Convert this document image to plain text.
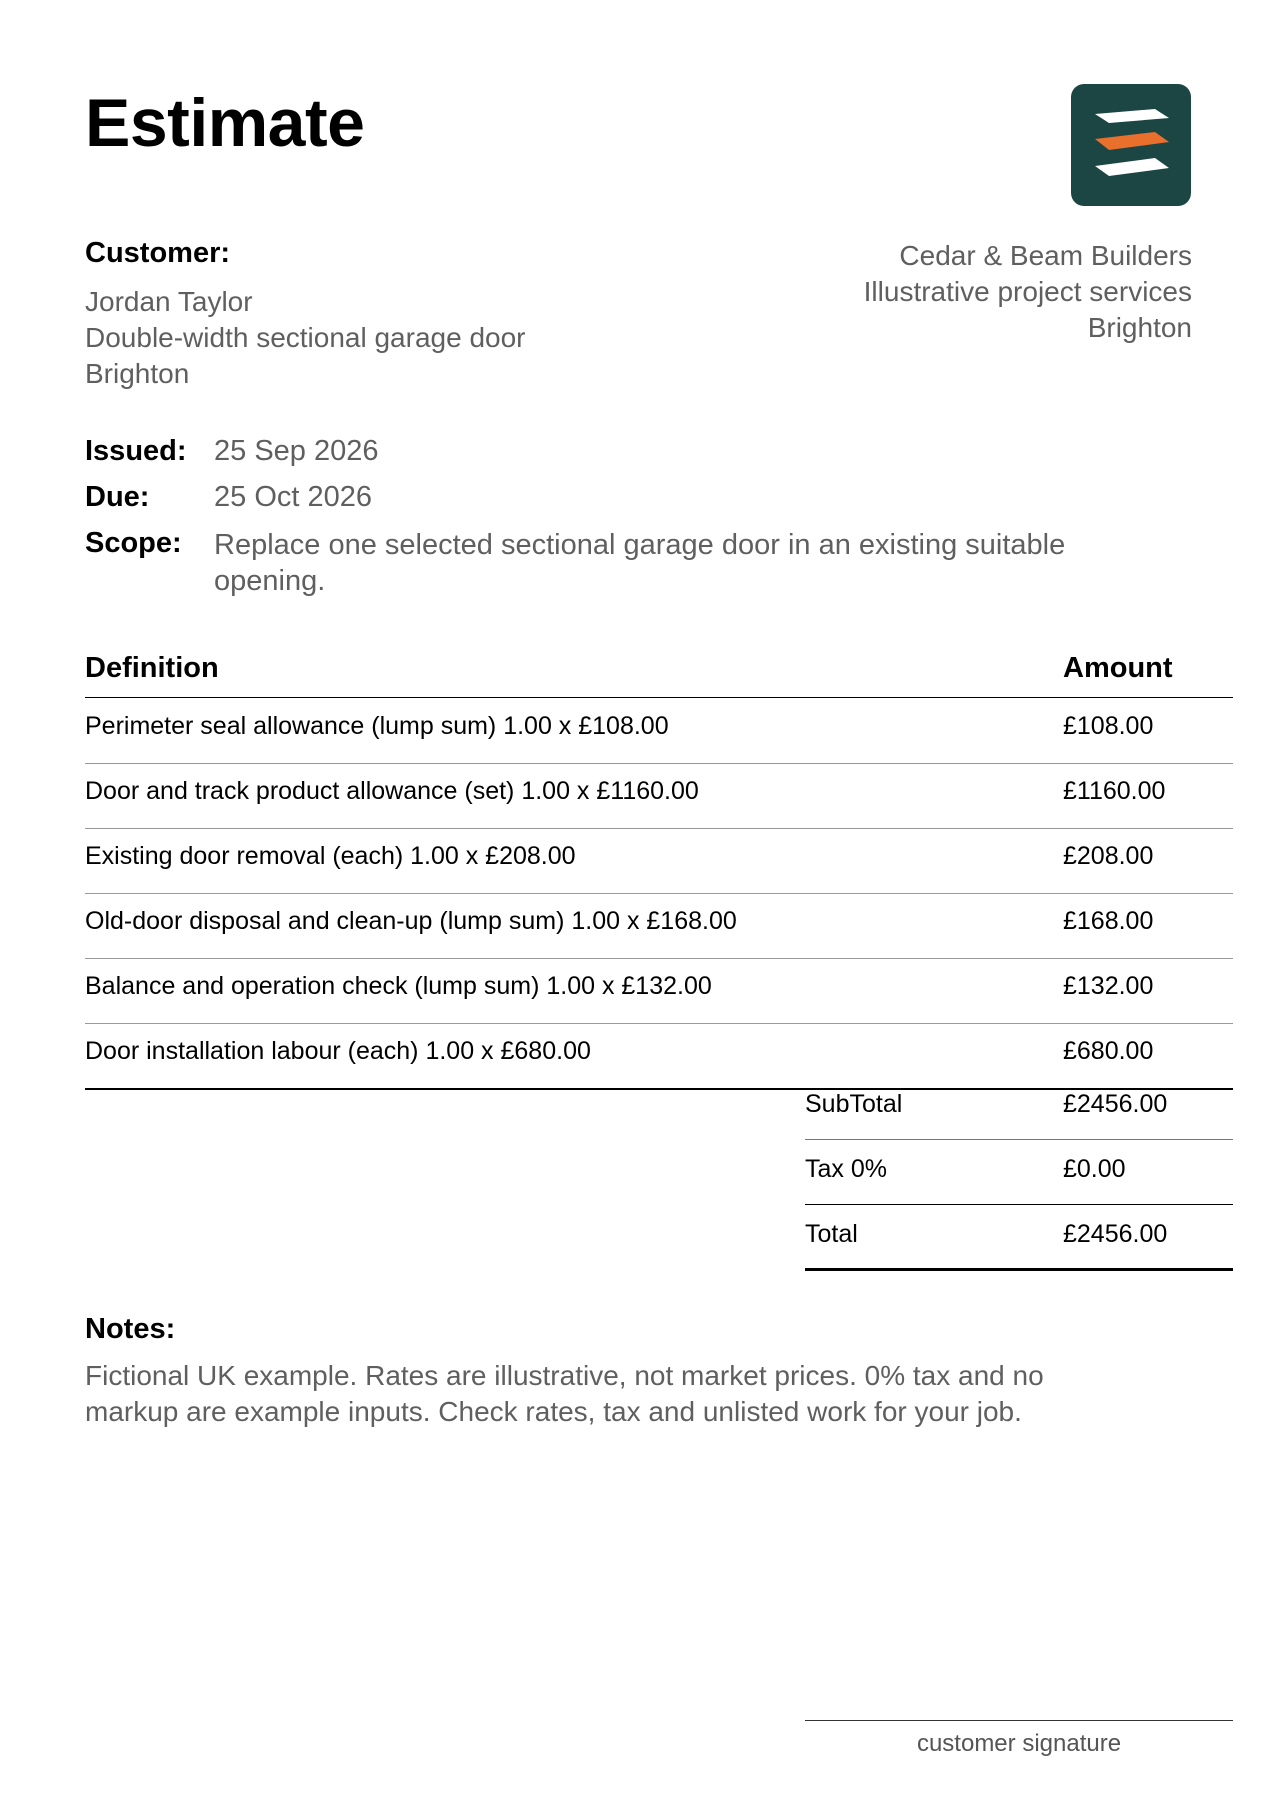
Estimate
Customer:
Jordan Taylor
Double-width sectional garage door
Brighton
Cedar & Beam Builders
Illustrative project services
Brighton
Issued: 25 Sep 2026
Due: 25 Oct 2026
Scope: Replace one selected sectional garage door in an existing suitable
opening.
Definition	Amount
Perimeter seal allowance (lump sum) 1.00 x £108.00	£108.00
Door and track product allowance (set) 1.00 x £1160.00	£1160.00
Existing door removal (each) 1.00 x £208.00	£208.00
Old-door disposal and clean-up (lump sum) 1.00 x £168.00	£168.00
Balance and operation check (lump sum) 1.00 x £132.00	£132.00
Door installation labour (each) 1.00 x £680.00	£680.00
SubTotal	£2456.00
Tax 0%	£0.00
Total	£2456.00
Notes:
Fictional UK example. Rates are illustrative, not market prices. 0% tax and no
markup are example inputs. Check rates, tax and unlisted work for your job.
customer signature
